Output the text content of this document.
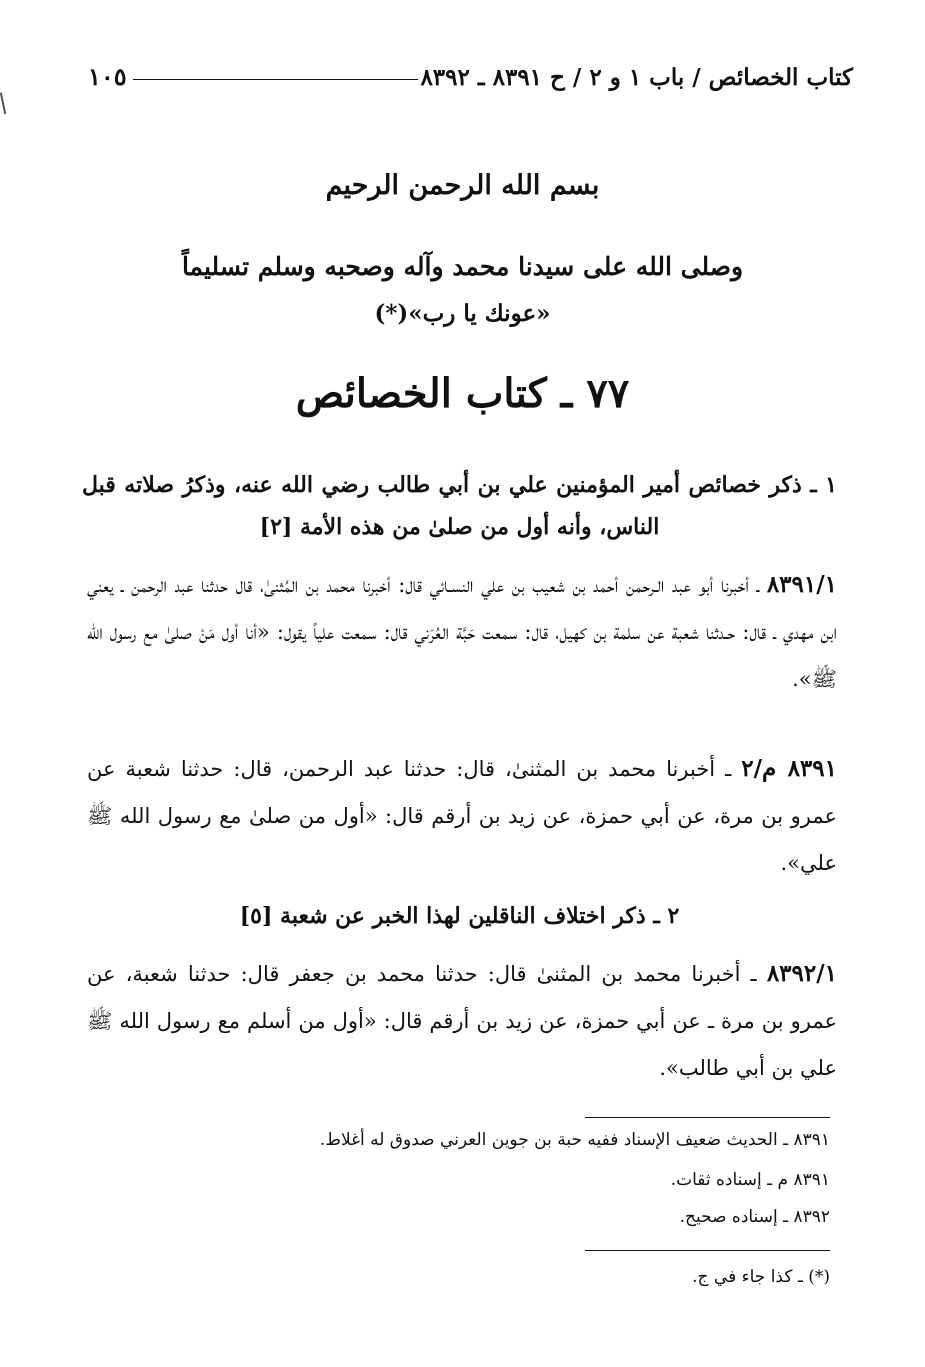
كتاب الخصائص / باب ١ و ٢ / ح ٨٣٩١ ـ ٨٣٩٢
١٠٥
بسم الله الرحمن الرحيم
وصلى الله على سيدنا محمد وآله وصحبه وسلم تسليماً
«عونك يا رب»(*)
٧٧ ـ كتاب الخصائص
١ ـ ذكر خصائص أمير المؤمنين علي بن أبي طالب رضي الله عنه، وذكرُ صلاته قبل الناس، وأنه أول من صلىٰ من هذه الأمة [٢]
٨٣٩١/١ ـ أخبرنا أبو عبد الـرحمن أحمد بن شعيب بن علي النسـائي قال: أخبرنا محمد بن المُثنىٰ، قال حدثنا عبد الرحمن ـ يعني ابن مهدي ـ قال: حـدثنا شعبة عن سلمة بن كهيل، قال: سمعت حَبَّة العُرَني قال: سمعت علياً يقول: «أنا أول مَنْ صلىٰ مع رسول الله ﷺ».
٨٣٩١ م/٢ ـ أخبرنا محمد بن المثنىٰ، قال: حدثنا عبد الرحمن، قال: حدثنا شعبة عن عمرو بن مرة، عن أبي حمزة، عن زيد بن أرقم قال: «أول من صلىٰ مع رسول الله ﷺ علي».
٢ ـ ذكر اختلاف الناقلين لهذا الخبر عن شعبة [٥]
٨٣٩٢/١ ـ أخبرنا محمد بن المثنىٰ قال: حدثنا محمد بن جعفر قال: حدثنا شعبة، عن عمرو بن مرة ـ عن أبي حمزة، عن زيد بن أرقم قال: «أول من أسلم مع رسول الله ﷺ علي بن أبي طالب».
٨٣٩١ ـ الحديث ضعيف الإسناد ففيه حبة بن جوين العرني صدوق له أغلاط.
٨٣٩١ م ـ إسناده ثقات.
٨٣٩٢ ـ إسناده صحيح.
(*) ـ كذا جاء في ج.
